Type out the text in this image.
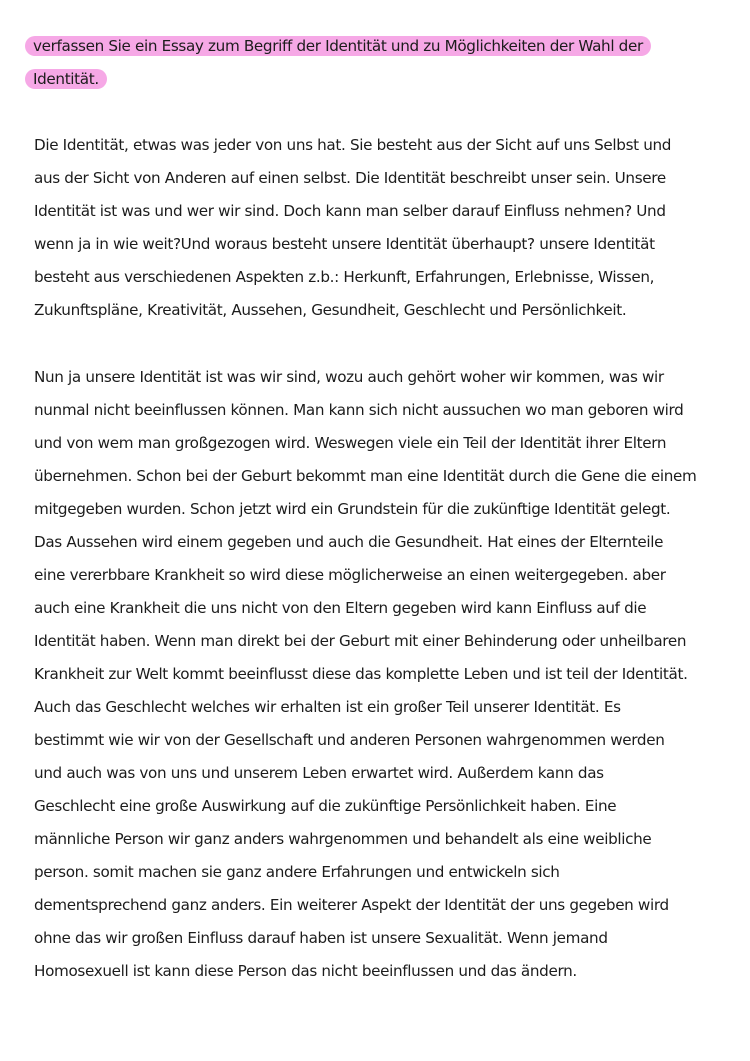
verfassen Sie ein Essay zum Begriff der Identität und zu Möglichkeiten der Wahl der
Identität.
Die Identität, etwas was jeder von uns hat. Sie besteht aus der Sicht auf uns Selbst und
aus der Sicht von Anderen auf einen selbst. Die Identität beschreibt unser sein. Unsere
Identität ist was und wer wir sind. Doch kann man selber darauf Einfluss nehmen? Und
wenn ja in wie weit?Und woraus besteht unsere Identität überhaupt? unsere Identität
besteht aus verschiedenen Aspekten z.b.: Herkunft, Erfahrungen, Erlebnisse, Wissen,
Zukunftspläne, Kreativität, Aussehen, Gesundheit, Geschlecht und Persönlichkeit.
Nun ja unsere Identität ist was wir sind, wozu auch gehört woher wir kommen, was wir
nunmal nicht beeinflussen können. Man kann sich nicht aussuchen wo man geboren wird
und von wem man großgezogen wird. Weswegen viele ein Teil der Identität ihrer Eltern
übernehmen. Schon bei der Geburt bekommt man eine Identität durch die Gene die einem
mitgegeben wurden. Schon jetzt wird ein Grundstein für die zukünftige Identität gelegt.
Das Aussehen wird einem gegeben und auch die Gesundheit. Hat eines der Elternteile
eine vererbbare Krankheit so wird diese möglicherweise an einen weitergegeben. aber
auch eine Krankheit die uns nicht von den Eltern gegeben wird kann Einfluss auf die
Identität haben. Wenn man direkt bei der Geburt mit einer Behinderung oder unheilbaren
Krankheit zur Welt kommt beeinflusst diese das komplette Leben und ist teil der Identität.
Auch das Geschlecht welches wir erhalten ist ein großer Teil unserer Identität. Es
bestimmt wie wir von der Gesellschaft und anderen Personen wahrgenommen werden
und auch was von uns und unserem Leben erwartet wird. Außerdem kann das
Geschlecht eine große Auswirkung auf die zukünftige Persönlichkeit haben. Eine
männliche Person wir ganz anders wahrgenommen und behandelt als eine weibliche
person. somit machen sie ganz andere Erfahrungen und entwickeln sich
dementsprechend ganz anders. Ein weiterer Aspekt der Identität der uns gegeben wird
ohne das wir großen Einfluss darauf haben ist unsere Sexualität. Wenn jemand
Homosexuell ist kann diese Person das nicht beeinflussen und das ändern.
